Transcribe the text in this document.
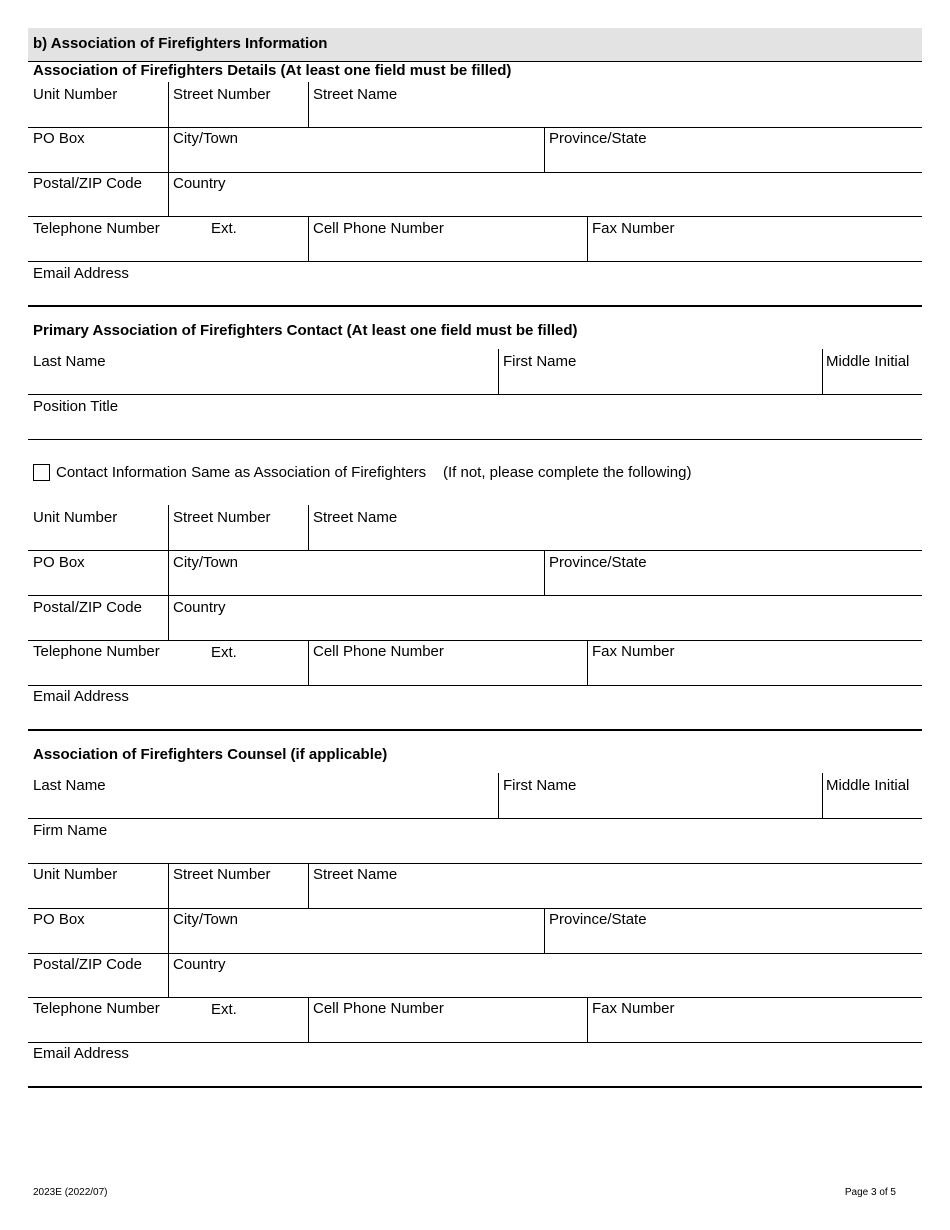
b) Association of Firefighters Information
Association of Firefighters Details (At least one field must be filled)
Unit Number	Street Number	Street Name
PO Box	City/Town	Province/State
Postal/ZIP Code Country
Telephone Number	Ext.	Cell Phone Number	Fax Number
Email Address
Primary Association of Firefighters Contact (At least one field must be filled)
Last Name	First Name	Middle Initial
Position Title
Contact Information Same as Association of Firefighters (If not, please complete the following)
Unit Number	Street Number	Street Name
PO Box	City/Town	Province/State
Postal/ZIP Code Country
Telephone Number	Ext.	Cell Phone Number	Fax Number
Email Address
Association of Firefighters Counsel (if applicable)
Last Name	First Name	Middle Initial
Firm Name
Unit Number	Street Number	Street Name
PO Box	City/Town	Province/State
Postal/ZIP Code Country
Telephone Number	Ext.	Cell Phone Number	Fax Number
Email Address
2023E (2022/07)	Page 3 of 5
